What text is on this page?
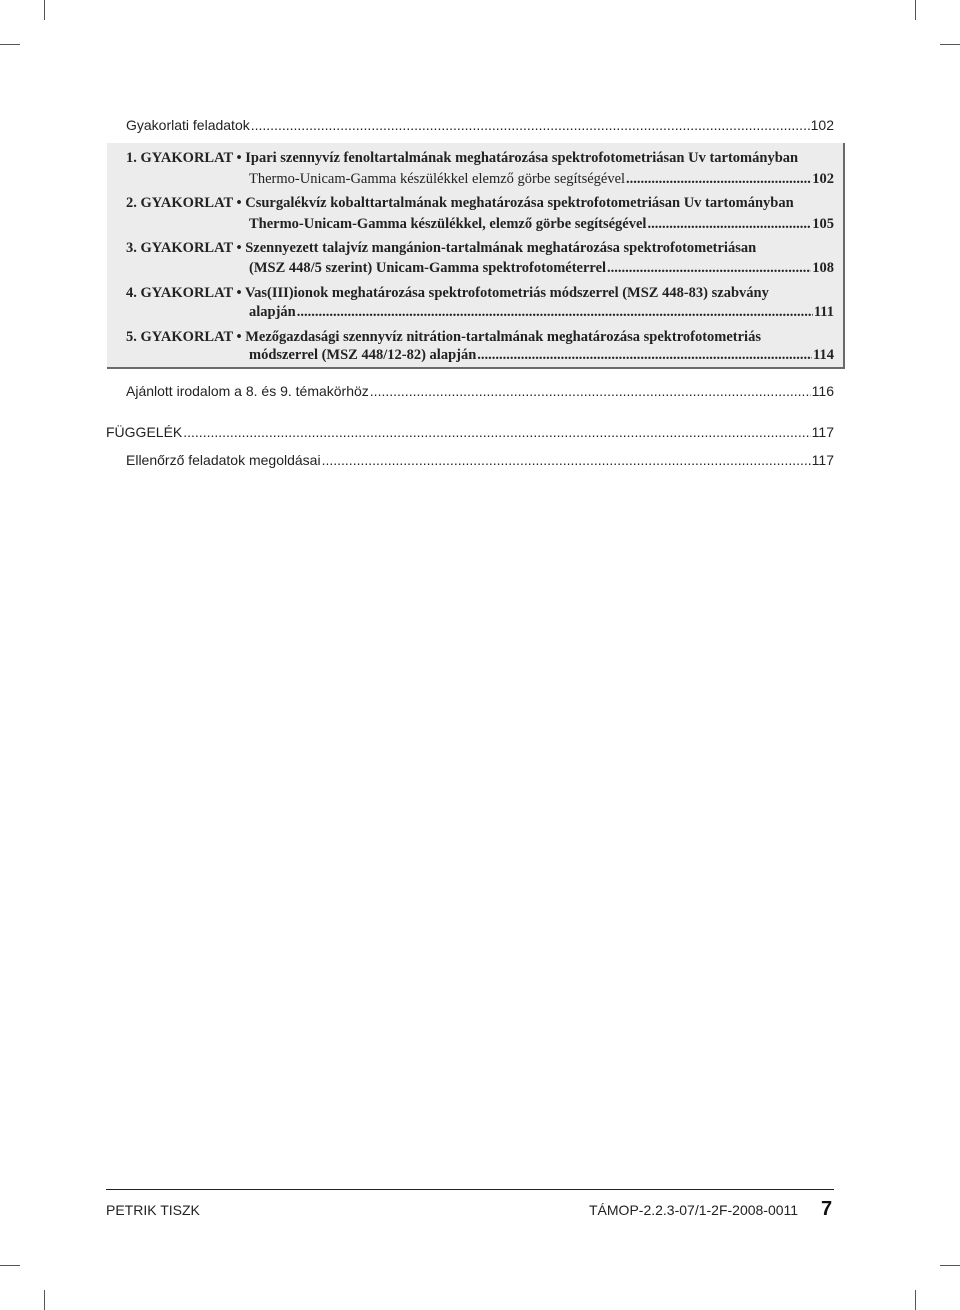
Gyakorlati feladatok .....	102
1. GYAKORLAT • Ipari szennyvíz fenoltartalmának meghatározása spektrofotometriásan Uv tartományban
Thermo-Unicam-Gamma készülékkel elemző görbe segítségével .....	102
2. GYAKORLAT • Csurgalékvíz kobalttartalmának meghatározása spektrofotometriásan Uv tartományban
Thermo-Unicam-Gamma készülékkel, elemző görbe segítségével .....	105
3. GYAKORLAT • Szennyezett talajvíz mangánion-tartalmának meghatározása spektrofotometriásan
(MSZ 448/5 szerint) Unicam-Gamma spektrofotométerrel .....	108
4. GYAKORLAT • Vas(III)ionok meghatározása spektrofotometriás módszerrel (MSZ 448-83) szabvány
alapján .....	111
5. GYAKORLAT • Mezőgazdasági szennyvíz nitrátion-tartalmának meghatározása spektrofotometriás
módszerrel (MSZ 448/12-82) alapján .....	114
Ajánlott irodalom a 8. és 9. témakörhöz .....	116
FÜGGELÉK .....	117
Ellenőrző feladatok megoldásai .....	117
PETRIK TISZK	TÁMOP-2.2.3-07/1-2F-2008-0011 7
